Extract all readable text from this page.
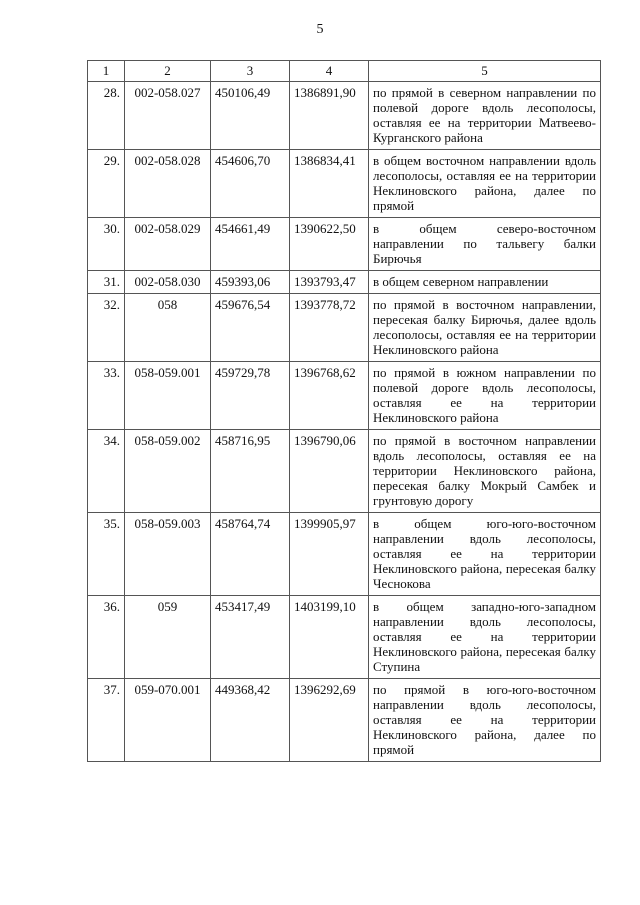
5
1	2	3	4	5
28.	002-058.027	450106,49	1386891,90	по прямой в северном направлении по полевой дороге вдоль лесополосы, оставляя ее на территории Матвеево-Курганского района
29.	002-058.028	454606,70	1386834,41	в общем восточном направлении вдоль лесополосы, оставляя ее на территории Неклиновского района, далее по прямой
30.	002-058.029	454661,49	1390622,50	в общем северо-восточном направлении по тальвегу балки Бирючья
31.	002-058.030	459393,06	1393793,47	в общем северном направлении
32.	058	459676,54	1393778,72	по прямой в восточном направлении, пересекая балку Бирючья, далее вдоль лесополосы, оставляя ее на территории Неклиновского района
33.	058-059.001	459729,78	1396768,62	по прямой в южном направлении по полевой дороге вдоль лесополосы, оставляя ее на территории Неклиновского района
34.	058-059.002	458716,95	1396790,06	по прямой в восточном направлении вдоль лесополосы, оставляя ее на территории Неклиновского района, пересекая балку Мокрый Самбек и грунтовую дорогу
35.	058-059.003	458764,74	1399905,97	в общем юго-юго-восточном направлении вдоль лесополосы, оставляя ее на территории Неклиновского района, пересекая балку Чеснокова
36.	059	453417,49	1403199,10	в общем западно-юго-западном направлении вдоль лесополосы, оставляя ее на территории Неклиновского района, пересекая балку Ступина
37.	059-070.001	449368,42	1396292,69	по прямой в юго-юго-восточном направлении вдоль лесополосы, оставляя ее на территории Неклиновского района, далее по прямой
